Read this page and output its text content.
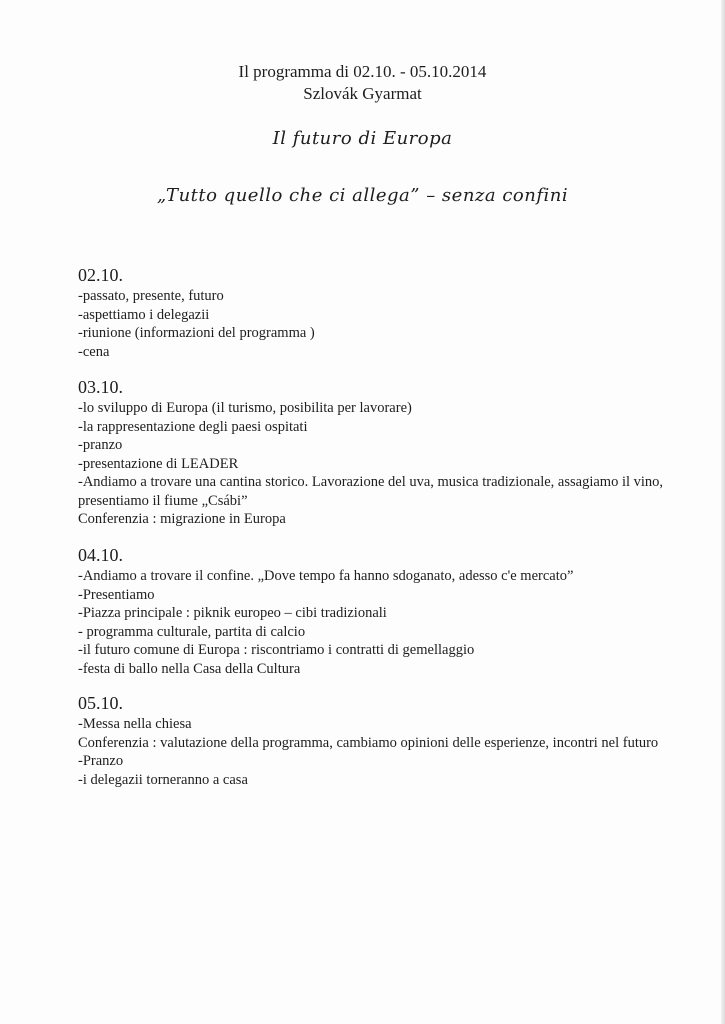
Il programma di 02.10. - 05.10.2014
Szlovák Gyarmat
Il futuro di Europa
„Tutto quello che ci allega” – senza confini
02.10.
-passato, presente, futuro
-aspettiamo i delegazii
-riunione (informazioni del programma )
-cena
03.10.
-lo sviluppo di Europa (il turismo, posibilita per lavorare)
-la rappresentazione degli paesi ospitati
-pranzo
-presentazione di LEADER
-Andiamo a trovare una cantina storico. Lavorazione del uva, musica tradizionale, assagiamo il vino, presentiamo il fiume „Csábi”
Conferenzia : migrazione in Europa
04.10.
-Andiamo a trovare il confine. „Dove tempo fa hanno sdoganato, adesso c'e mercato”
-Presentiamo
-Piazza principale : piknik europeo – cibi tradizionali
- programma culturale, partita di calcio
-il futuro comune di Europa : riscontriamo i contratti di gemellaggio
-festa di ballo nella Casa della Cultura
05.10.
-Messa nella chiesa
Conferenzia : valutazione della programma, cambiamo opinioni delle esperienze, incontri nel futuro
-Pranzo
-i delegazii torneranno a casa
